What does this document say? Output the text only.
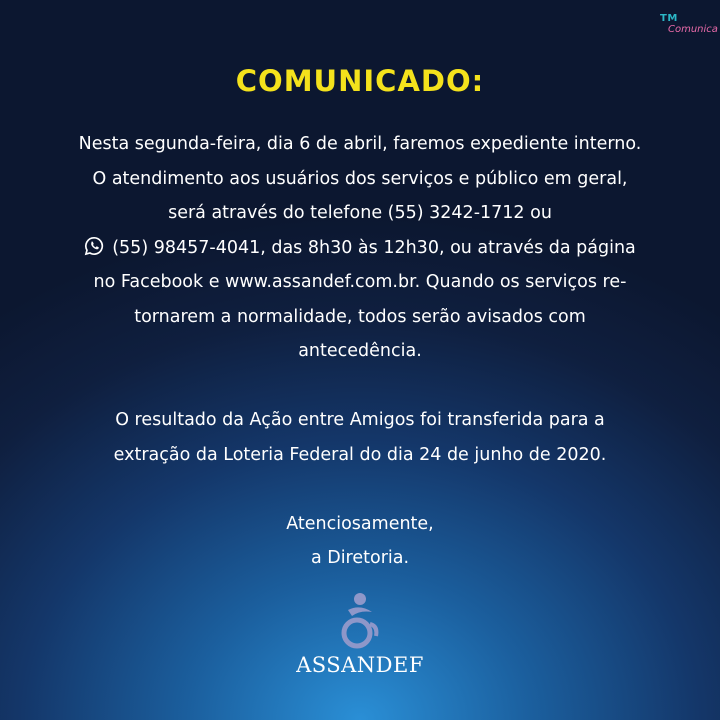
TM
Comunica
COMUNICADO:
Nesta segunda-feira, dia 6 de abril, faremos expediente interno.
O atendimento aos usuários dos serviços e público em geral,
será através do telefone (55) 3242-1712 ou
(55) 98457-4041, das 8h30 às 12h30, ou através da página
no Facebook e www.assandef.com.br. Quando os serviços re-
tornarem a normalidade, todos serão avisados com
antecedência.
O resultado da Ação entre Amigos foi transferida para a
extração da Loteria Federal do dia 24 de junho de 2020.
Atenciosamente,
a Diretoria.
ASSANDEF
